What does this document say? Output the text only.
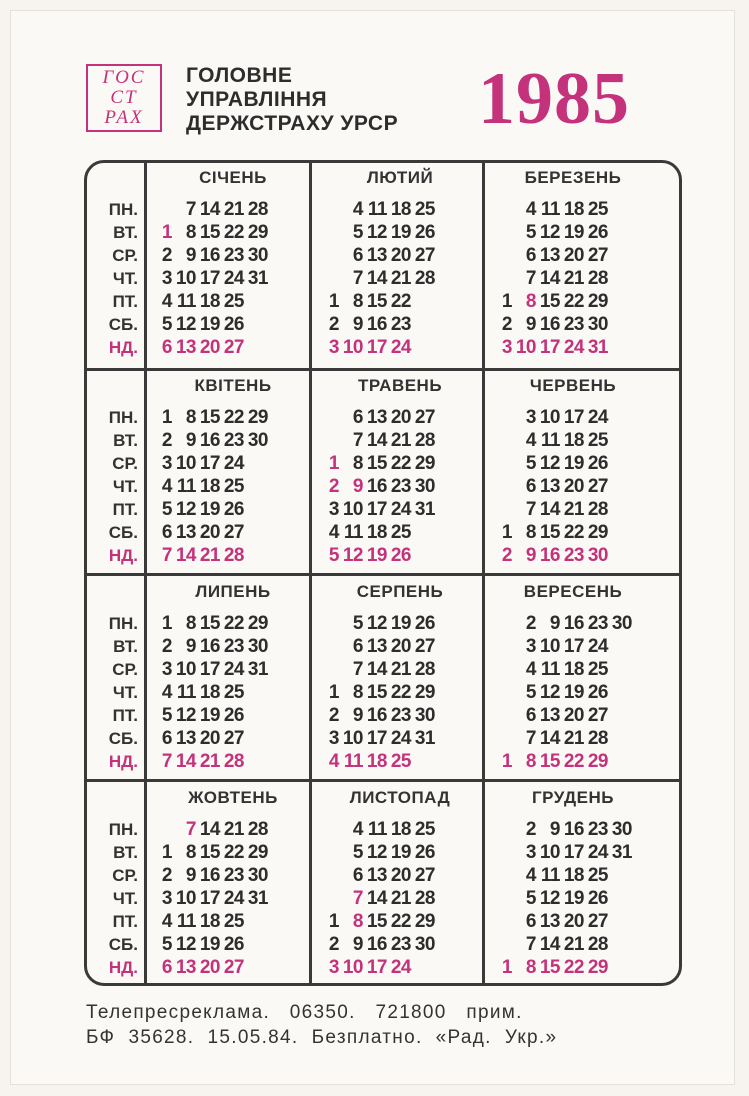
ГОС
СТ
РАХ
ГОЛОВНЕ
УПРАВЛІННЯ
ДЕРЖСТРАХУ УРСР 1985
ПН.
ВТ.
СР.
ЧТ.
ПТ.
СБ.
НД.
ПН.
ВТ.
СР.
ЧТ.
ПТ.
СБ.
НД.
ПН.
ВТ.
СР.
ЧТ.
ПТ.
СБ.
НД.
ПН.
ВТ.
СР.
ЧТ.
ПТ.
СБ.
НД.
СІЧЕНЬ
7 14 21 28
1 8 15 22 29
2 9 16 23 30
3 10 17 24 31
4 11 18 25
5 12 19 26
6 13 20 27
ЛЮТИЙ
4 11 18 25
5 12 19 26
6 13 20 27
7 14 21 28
1 8 15 22
2 9 16 23
3 10 17 24
БЕРЕЗЕНЬ
4 11 18 25
5 12 19 26
6 13 20 27
7 14 21 28
1 8 15 22 29
2 9 16 23 30
3 10 17 24 31
КВІТЕНЬ
1 8 15 22 29
2 9 16 23 30
3 10 17 24
4 11 18 25
5 12 19 26
6 13 20 27
7 14 21 28
ТРАВЕНЬ
6 13 20 27
7 14 21 28
1 8 15 22 29
2 9 16 23 30
3 10 17 24 31
4 11 18 25
5 12 19 26
ЧЕРВЕНЬ
3 10 17 24
4 11 18 25
5 12 19 26
6 13 20 27
7 14 21 28
1 8 15 22 29
2 9 16 23 30
ЛИПЕНЬ
1 8 15 22 29
2 9 16 23 30
3 10 17 24 31
4 11 18 25
5 12 19 26
6 13 20 27
7 14 21 28
СЕРПЕНЬ
5 12 19 26
6 13 20 27
7 14 21 28
1 8 15 22 29
2 9 16 23 30
3 10 17 24 31
4 11 18 25
ВЕРЕСЕНЬ
2 9 16 23 30
3 10 17 24
4 11 18 25
5 12 19 26
6 13 20 27
7 14 21 28
1 8 15 22 29
ЖОВТЕНЬ
7 14 21 28
1 8 15 22 29
2 9 16 23 30
3 10 17 24 31
4 11 18 25
5 12 19 26
6 13 20 27
ЛИСТОПАД
4 11 18 25
5 12 19 26
6 13 20 27
7 14 21 28
1 8 15 22 29
2 9 16 23 30
3 10 17 24
ГРУДЕНЬ
2 9 16 23 30
3 10 17 24 31
4 11 18 25
5 12 19 26
6 13 20 27
7 14 21 28
1 8 15 22 29
Телепресреклама.   06350.   721800   прим.
БФ  35628.  15.05.84.  Безплатно.  «Рад.  Укр.»
